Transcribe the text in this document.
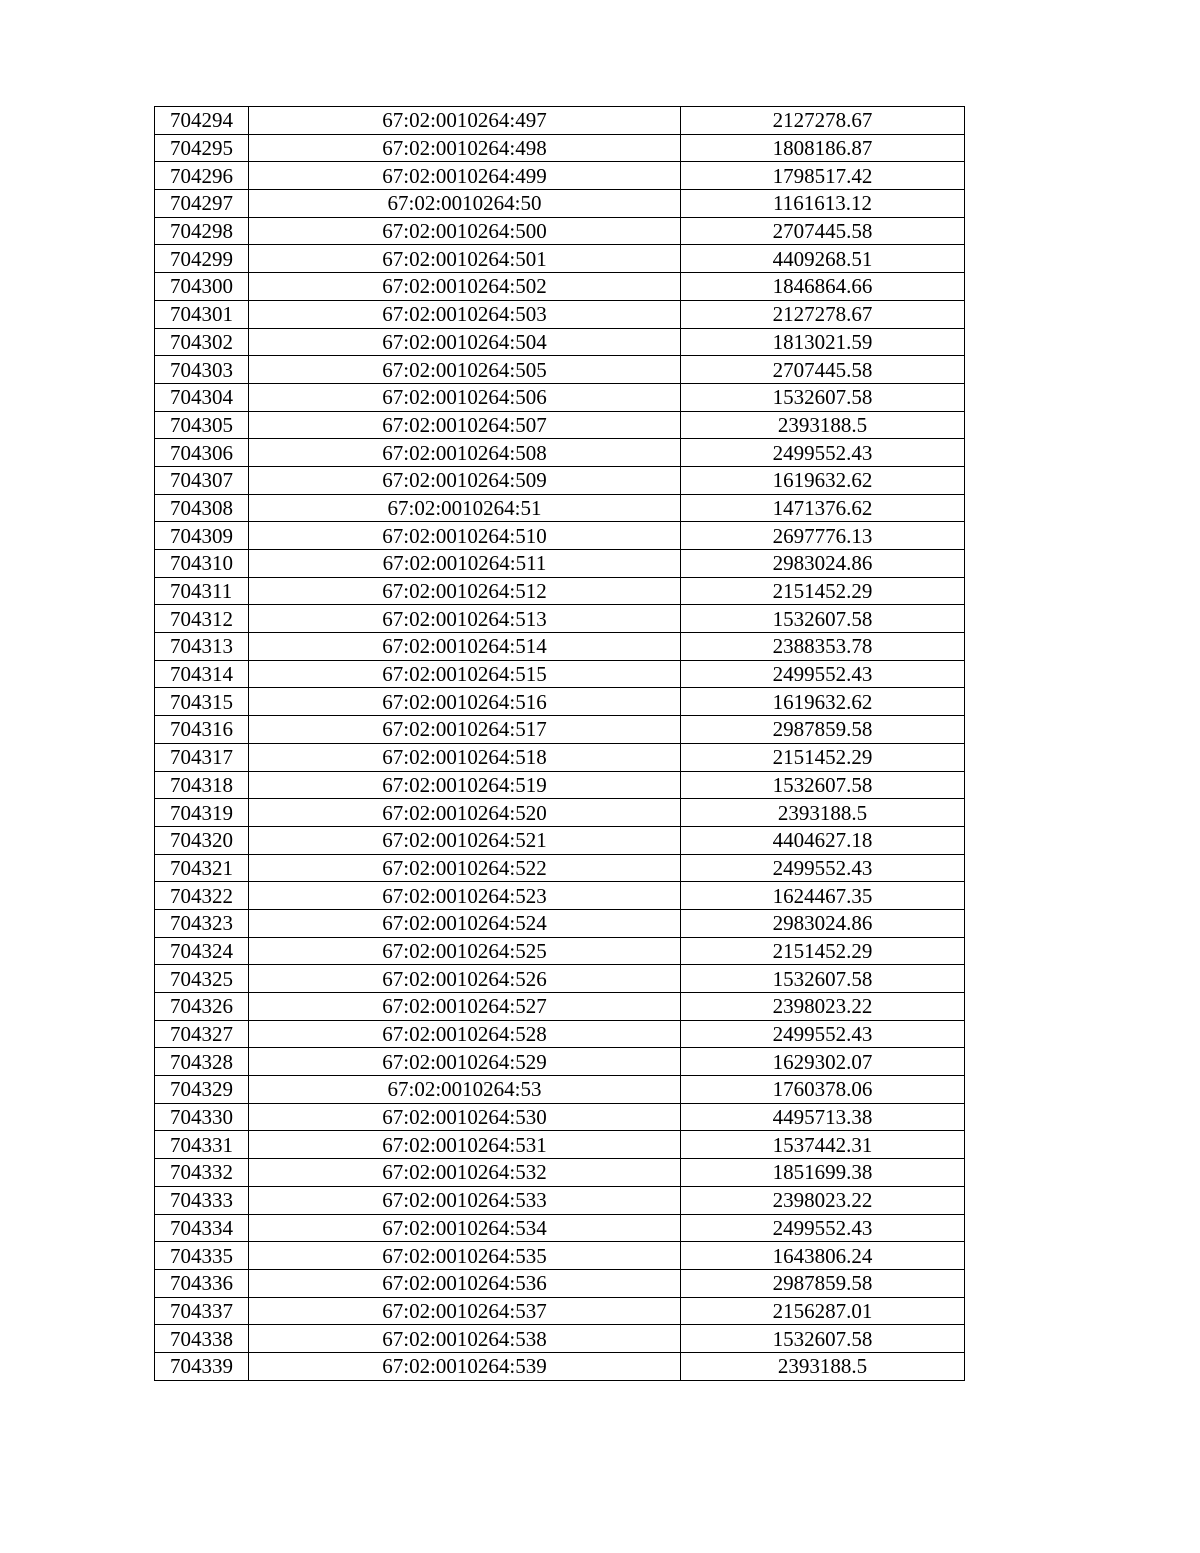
704294	67:02:0010264:497	2127278.67
704295	67:02:0010264:498	1808186.87
704296	67:02:0010264:499	1798517.42
704297	67:02:0010264:50	1161613.12
704298	67:02:0010264:500	2707445.58
704299	67:02:0010264:501	4409268.51
704300	67:02:0010264:502	1846864.66
704301	67:02:0010264:503	2127278.67
704302	67:02:0010264:504	1813021.59
704303	67:02:0010264:505	2707445.58
704304	67:02:0010264:506	1532607.58
704305	67:02:0010264:507	2393188.5
704306	67:02:0010264:508	2499552.43
704307	67:02:0010264:509	1619632.62
704308	67:02:0010264:51	1471376.62
704309	67:02:0010264:510	2697776.13
704310	67:02:0010264:511	2983024.86
704311	67:02:0010264:512	2151452.29
704312	67:02:0010264:513	1532607.58
704313	67:02:0010264:514	2388353.78
704314	67:02:0010264:515	2499552.43
704315	67:02:0010264:516	1619632.62
704316	67:02:0010264:517	2987859.58
704317	67:02:0010264:518	2151452.29
704318	67:02:0010264:519	1532607.58
704319	67:02:0010264:520	2393188.5
704320	67:02:0010264:521	4404627.18
704321	67:02:0010264:522	2499552.43
704322	67:02:0010264:523	1624467.35
704323	67:02:0010264:524	2983024.86
704324	67:02:0010264:525	2151452.29
704325	67:02:0010264:526	1532607.58
704326	67:02:0010264:527	2398023.22
704327	67:02:0010264:528	2499552.43
704328	67:02:0010264:529	1629302.07
704329	67:02:0010264:53	1760378.06
704330	67:02:0010264:530	4495713.38
704331	67:02:0010264:531	1537442.31
704332	67:02:0010264:532	1851699.38
704333	67:02:0010264:533	2398023.22
704334	67:02:0010264:534	2499552.43
704335	67:02:0010264:535	1643806.24
704336	67:02:0010264:536	2987859.58
704337	67:02:0010264:537	2156287.01
704338	67:02:0010264:538	1532607.58
704339	67:02:0010264:539	2393188.5
